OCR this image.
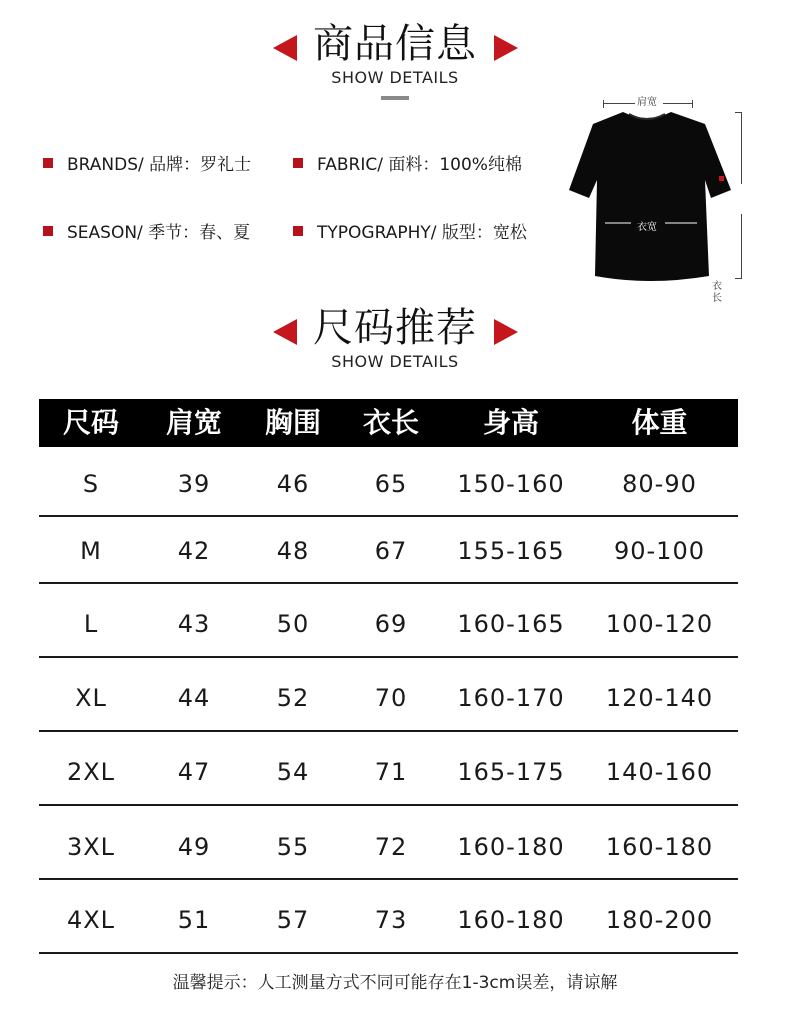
商品信息
SHOW DETAILS
BRANDS/ 品牌：罗礼士	FABRIC/ 面料：100%纯棉
SEASON/ 季节：春、夏	TYPOGRAPHY/ 版型：宽松
肩宽
衣宽
衣
长
尺码推荐
SHOW DETAILS
尺码	肩宽	胸围	衣长	身高	体重
S	39	46	65	150-160	80-90
M	42	48	67	155-165	90-100
L	43	50	69	160-165	100-120
XL	44	52	70	160-170	120-140
2XL	47	54	71	165-175	140-160
3XL	49	55	72	160-180	160-180
4XL	51	57	73	160-180	180-200
温馨提示：人工测量方式不同可能存在1-3cm误差，请谅解
